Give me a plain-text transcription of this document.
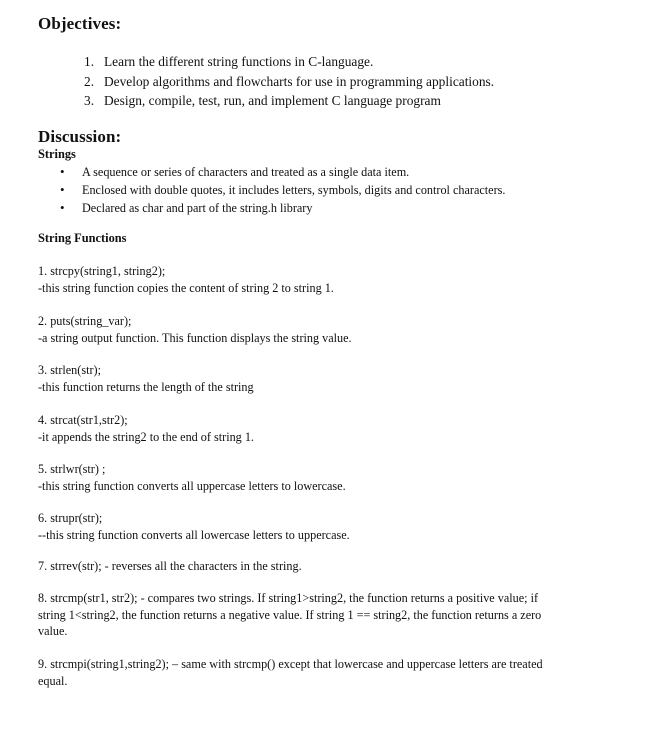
Objectives:
1. Learn the different string functions in C-language.
2. Develop algorithms and flowcharts for use in programming applications.
3. Design, compile, test, run, and implement C language program
Discussion:
Strings
• A sequence or series of characters and treated as a single data item.
• Enclosed with double quotes, it includes letters, symbols, digits and control characters.
• Declared as char and part of the string.h library
String Functions

1. strcpy(string1, string2);

-this string function copies the content of string 2 to string 1.

2. puts(string_var);

-a string output function. This function displays the string value.

3. strlen(str);

-this function returns the length of the string

4. strcat(str1,str2);

-it appends the string2 to the end of string 1.

5. strlwr(str) ;

-this string function converts all uppercase letters to lowercase.

6. strupr(str);

--this string function converts all lowercase letters to uppercase.

7. strrev(str); - reverses all the characters in the string.

8. strcmp(str1, str2); - compares two strings. If string1>string2, the function returns a positive value; if

string 1<string2, the function returns a negative value. If string 1 == string2, the function returns a zero

value.

9. strcmpi(string1,string2); – same with strcmp() except that lowercase and uppercase letters are treated

equal.
